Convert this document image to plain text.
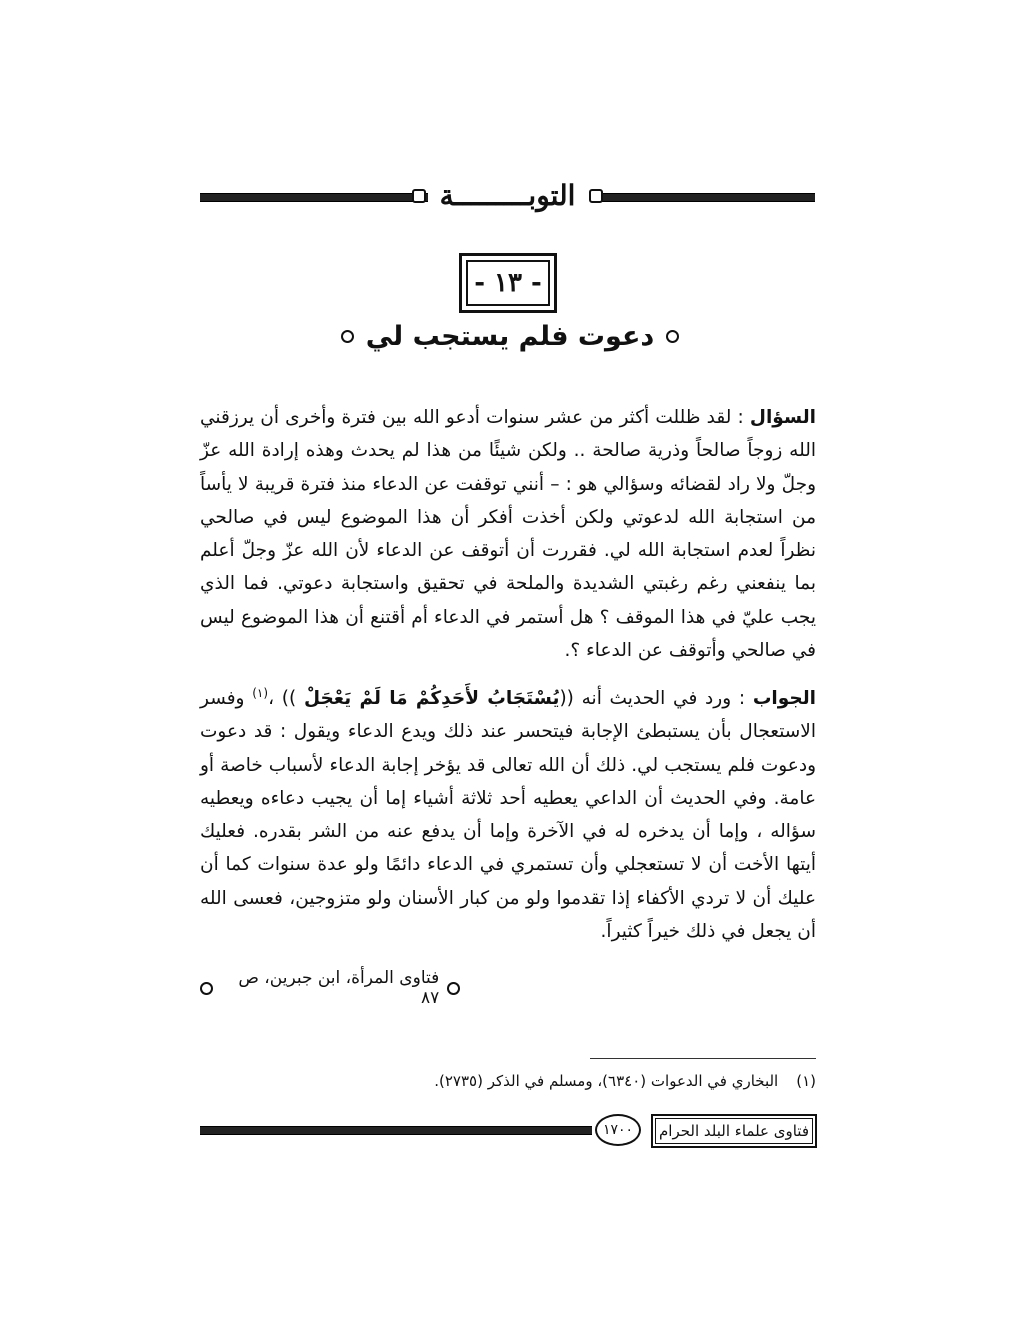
التوبـــــــــة
- ١٣ -
دعوت فلم يستجب لي
السؤال : لقد ظللت أكثر من عشر سنوات أدعو الله بين فترة وأخرى أن يرزقني الله زوجاً صالحاً وذرية صالحة .. ولكن شيئًا من هذا لم يحدث وهذه إرادة الله عزّ وجلّ ولا راد لقضائه وسؤالي هو : – أنني توقفت عن الدعاء منذ فترة قريبة لا يأساً من استجابة الله لدعوتي ولكن أخذت أفكر أن هذا الموضوع ليس في صالحي نظراً لعدم استجابة الله لي. فقررت أن أتوقف عن الدعاء لأن الله عزّ وجلّ أعلم بما ينفعني رغم رغبتي الشديدة والملحة في تحقيق واستجابة دعوتي. فما الذي يجب عليّ في هذا الموقف ؟ هل أستمر في الدعاء أم أقتنع أن هذا الموضوع ليس في صالحي وأتوقف عن الدعاء ؟.
الجواب : ورد في الحديث أنه ((يُسْتَجَابُ لأَحَدِكُمْ مَا لَمْ يَعْجَلْ )) ،$^{(١)}$ وفسر الاستعجال بأن يستبطئ الإجابة فيتحسر عند ذلك ويدع الدعاء ويقول : قد دعوت ودعوت فلم يستجب لي. ذلك أن الله تعالى قد يؤخر إجابة الدعاء لأسباب خاصة أو عامة. وفي الحديث أن الداعي يعطيه أحد ثلاثة أشياء إما أن يجيب دعاءه ويعطيه سؤاله ، وإما أن يدخره له في الآخرة وإما أن يدفع عنه من الشر بقدره. فعليك أيتها الأخت أن لا تستعجلي وأن تستمري في الدعاء دائمًا ولو عدة سنوات كما أن عليك أن لا تردي الأكفاء إذا تقدموا ولو من كبار الأسنان ولو متزوجين، فعسى الله أن يجعل في ذلك خيراً كثيراً.
فتاوى المرأة، ابن جبرين، ص ٨٧
(١)البخاري في الدعوات (٦٣٤٠)، ومسلم في الذكر (٢٧٣٥).
١٧٠٠ فتاوى علماء البلد الحرام
